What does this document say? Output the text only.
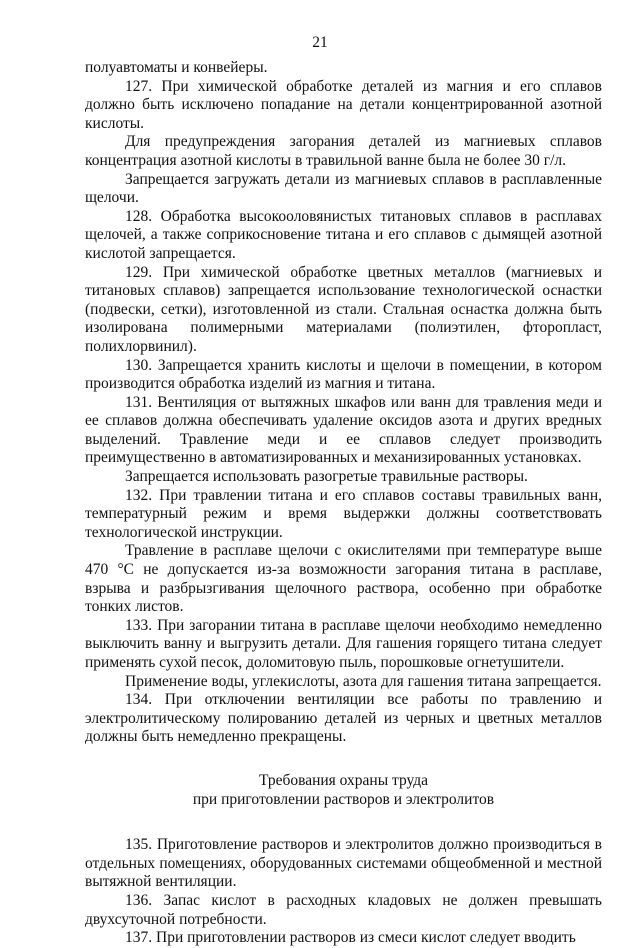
21

полуавтоматы и конвейеры.

127. При химической обработке деталей из магния и его сплавов должно быть исключено попадание на детали концентрированной азотной кислоты.

Для предупреждения загорания деталей из магниевых сплавов концентрация азотной кислоты в травильной ванне была не более 30 г/л.

Запрещается загружать детали из магниевых сплавов в расплавленные щелочи.

128. Обработка высокооловянистых титановых сплавов в расплавах щелочей, а также соприкосновение титана и его сплавов с дымящей азотной кислотой запрещается.

129. При химической обработке цветных металлов (магниевых и титановых сплавов) запрещается использование технологической оснастки (подвески, сетки), изготовленной из стали. Стальная оснастка должна быть изолирована полимерными материалами (полиэтилен, фторопласт, полихлорвинил).

130. Запрещается хранить кислоты и щелочи в помещении, в котором производится обработка изделий из магния и титана.

131. Вентиляция от вытяжных шкафов или ванн для травления меди и ее сплавов должна обеспечивать удаление оксидов азота и других вредных выделений. Травление меди и ее сплавов следует производить преимущественно в автоматизированных и механизированных установках.

Запрещается использовать разогретые травильные растворы.

132. При травлении титана и его сплавов составы травильных ванн, температурный режим и время выдержки должны соответствовать технологической инструкции.

Травление в расплаве щелочи с окислителями при температуре выше 470 °С не допускается из-за возможности загорания титана в расплаве, взрыва и разбрызгивания щелочного раствора, особенно при обработке тонких листов.

133. При загорании титана в расплаве щелочи необходимо немедленно выключить ванну и выгрузить детали. Для гашения горящего титана следует применять сухой песок, доломитовую пыль, порошковые огнетушители.

Применение воды, углекислоты, азота для гашения титана запрещается.

134. При отключении вентиляции все работы по травлению и электролитическому полированию деталей из черных и цветных металлов должны быть немедленно прекращены.

Требования охраны труда
при приготовлении растворов и электролитов

135. Приготовление растворов и электролитов должно производиться в отдельных помещениях, оборудованных системами общеобменной и местной вытяжной вентиляции.

136. Запас кислот в расходных кладовых не должен превышать двухсуточной потребности.

137. При приготовлении растворов из смеси кислот следует вводить
